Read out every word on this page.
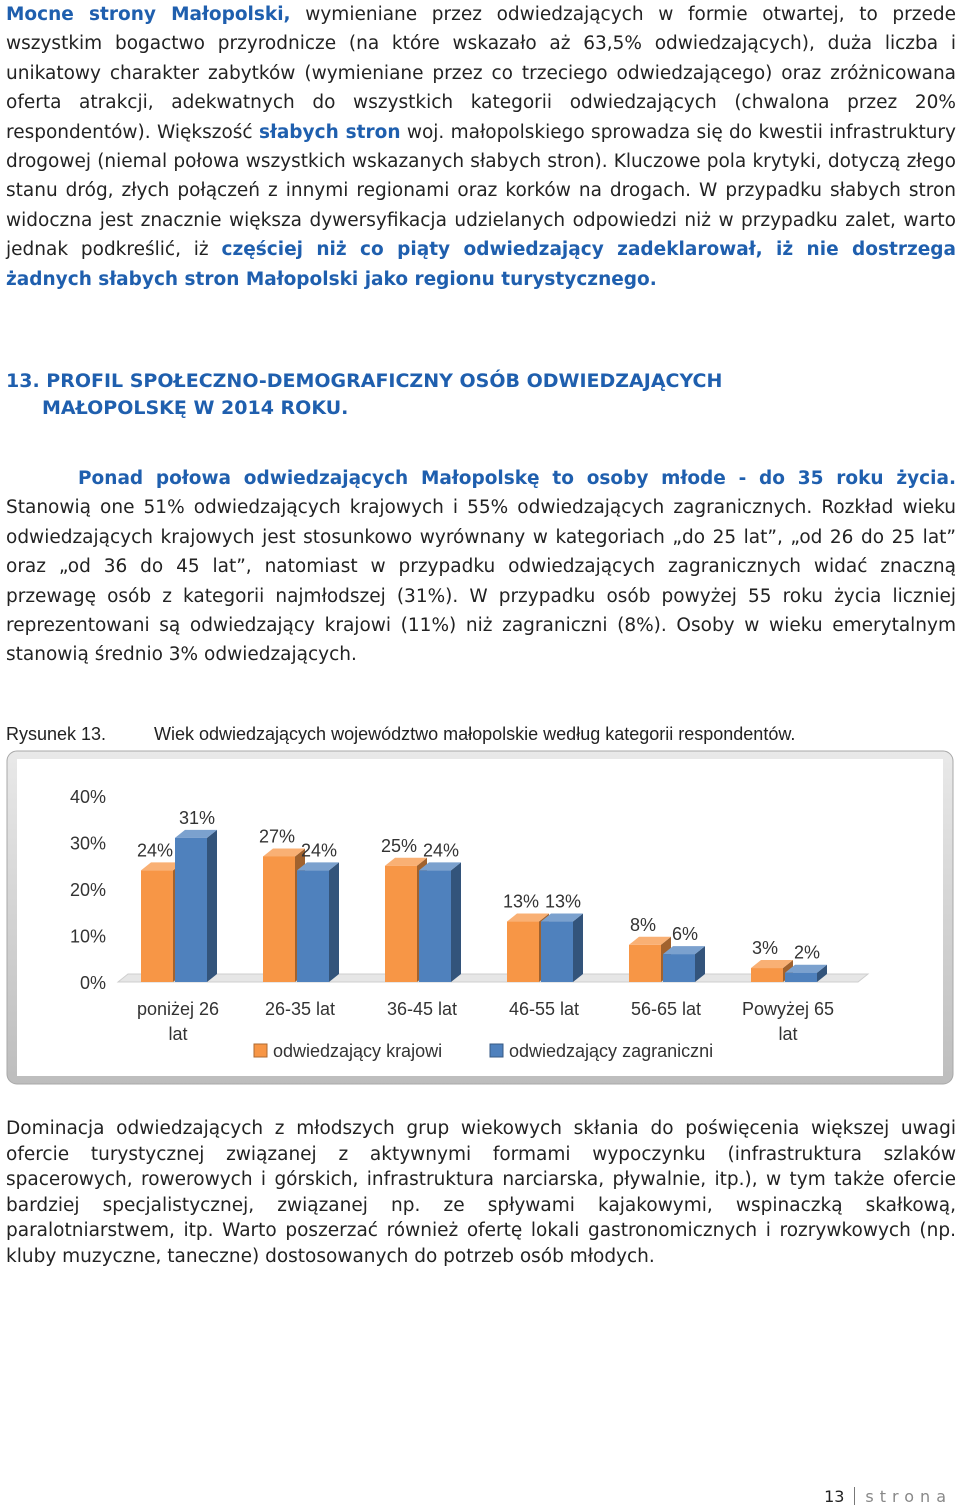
Mocne strony Małopolski, wymieniane przez odwiedzających w formie otwartej, to przede wszystkim bogactwo przyrodnicze (na które wskazało aż 63,5% odwiedzających), duża liczba i unikatowy charakter zabytków (wymieniane przez co trzeciego odwiedzającego) oraz zróżnicowana oferta atrakcji, adekwatnych do wszystkich kategorii odwiedzających (chwalona przez 20% respondentów). Większość słabych stron woj. małopolskiego sprowadza się do kwestii infrastruktury drogowej (niemal połowa wszystkich wskazanych słabych stron). Kluczowe pola krytyki, dotyczą złego stanu dróg, złych połączeń z innymi regionami oraz korków na drogach. W przypadku słabych stron widoczna jest znacznie większa dywersyfikacja udzielanych odpowiedzi niż w przypadku zalet, warto jednak podkreślić, iż częściej niż co piąty odwiedzający zadeklarował, iż nie dostrzega żadnych słabych stron Małopolski jako regionu turystycznego.

13. PROFIL SPOŁECZNO-DEMOGRAFICZNY OSÓB ODWIEDZAJĄCYCH
MAŁOPOLSKĘ W 2014 ROKU.

Ponad połowa odwiedzających Małopolskę to osoby młode - do 35 roku życia. Stanowią one 51% odwiedzających krajowych i 55% odwiedzających zagranicznych. Rozkład wieku odwiedzających krajowych jest stosunkowo wyrównany w kategoriach „do 25 lat”, „od 26 do 25 lat” oraz „od 36 do 45 lat”, natomiast w przypadku odwiedzających zagranicznych widać znaczną przewagę osób z kategorii najmłodszej (31%). W przypadku osób powyżej 55 roku życia liczniej reprezentowani są odwiedzający krajowi (11%) niż zagraniczni (8%). Osoby w wieku emerytalnym stanowią średnio 3% odwiedzających.

Rysunek 13.	Wiek odwiedzających województwo małopolskie według kategorii respondentów.
0%
10%
20%
30%
40%
24%
31%
poniżej 26
lat
27%
24%
26-35 lat
25% 24%
36-45 lat
13% 13%
46-55 lat
8% 6%
56-65 lat
3% 2%
Powyżej 65
lat
odwiedzający krajowi	odwiedzający zagraniczni

Dominacja odwiedzających z młodszych grup wiekowych skłania do poświęcenia większej uwagi ofercie turystycznej związanej z aktywnymi formami wypoczynku (infrastruktura szlaków spacerowych, rowerowych i górskich, infrastruktura narciarska, pływalnie, itp.), w tym także ofercie bardziej specjalistycznej, związanej np. ze spływami kajakowymi, wspinaczką skałkową, paralotniarstwem, itp. Warto poszerzać również ofertę lokali gastronomicznych i rozrywkowych (np. kluby muzyczne, taneczne) dostosowanych do potrzeb osób młodych.

13 strona
